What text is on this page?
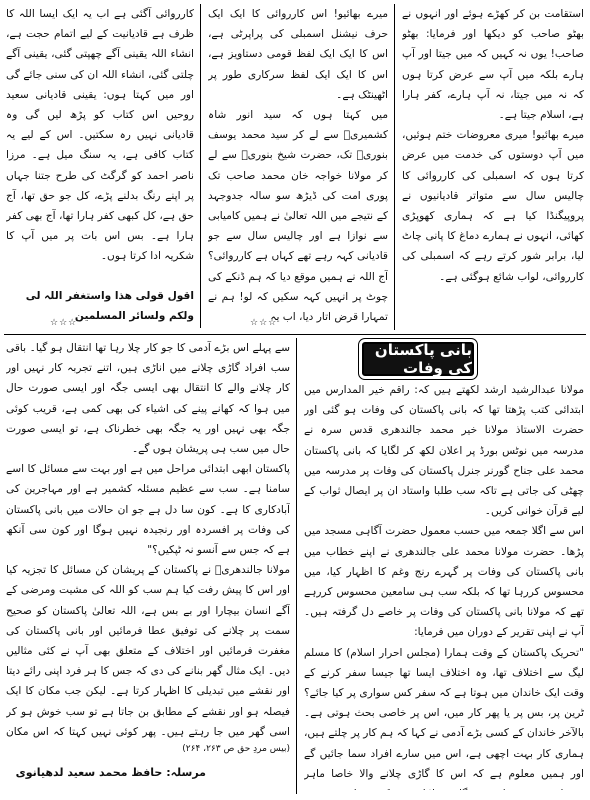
استقامت بن کر کھڑے ہوئے اور انہوں نے بھٹو صاحب کو دیکھا اور فرمایا: بھٹو صاحب! یوں نہ کہیں کہ میں جیتا اور آپ ہارے بلکہ میں آپ سے عرض کرتا ہوں کہ نہ میں جیتا، نہ آپ ہارے، کفر ہارا ہے، اسلام جیتا ہے۔

میرے بھائیو! میری معروضات ختم ہوئیں، میں آپ دوستوں کی خدمت میں عرض کرتا ہوں کہ اسمبلی کی کارروائی کا چالیس سال سے متواتر قادیانیوں نے پروپیگنڈا کیا ہے کہ ہماری کھوپڑی کھائی، انہوں نے ہمارے دماغ کا پانی چاٹ لیا، برابر شور کرتے رہے کہ اسمبلی کی کارروائی، لواب شائع ہوگئی ہے۔

میرے بھائیو! اس کارروائی کا ایک ایک حرف نیشنل اسمبلی کی پراپرٹی ہے، اس کا ایک ایک لفظ قومی دستاویز ہے، اس کا ایک ایک لفظ سرکاری طور پر اٹھینٹک ہے۔

میں کہتا ہوں کہ سید انور شاہ کشمیریؒ سے لے کر سید محمد یوسف بنوریؒ تک، حضرت شیخ بنوریؒ سے لے کر مولانا خواجہ خان محمد صاحب تک پوری امت کی ڈیڑھ سو سالہ جدوجہد کے نتیجے میں اللہ تعالیٰ نے ہمیں کامیابی سے نوازا ہے اور چالیس سال سے جو قادیانی کہہ رہے تھے کہاں ہے کارروائی؟ آج اللہ نے ہمیں موقع دیا کہ ہم ڈنکے کی چوٹ پر انہیں کہہ سکیں کہ لو! ہم نے تمہارا قرض اتار دیا، اب یہ

کارروائی آگئی ہے اب یہ ایک ایسا اللہ کا ظرف ہے قادیانیت کے لیے اتمام حجت ہے، انشاء اللہ یقینی آگے چھپتی گئی، یقینی آگے چلتی گئی، انشاء اللہ ان کی سنی جائے گی اور میں کہتا ہوں: یقینی قادیانی سعید روحیں اس کتاب کو پڑھ لیں گی وہ قادیانی نہیں رہ سکتیں۔ اس کے لیے یہ کتاب کافی ہے، یہ سنگ میل ہے۔ مرزا ناصر احمد کو گرگٹ کی طرح جتنا جہاں پر اپنے رنگ بدلنے پڑے، کل جو حق تھا، آج حق ہے، کل کبھی کفر ہارا تھا، آج بھی کفر ہارا ہے۔ بس اس بات پر میں آپ کا شکریہ ادا کرتا ہوں۔

اقول قولی ھذا واستغفر اللہ لی

ولکم ولسائر المسلمین

☆☆☆	☆☆☆
بانی پاکستان کی وفات

مولانا عبدالرشید ارشد لکھتے ہیں کہ: راقم خیر المدارس میں ابتدائی کتب پڑھتا تھا کہ بانی پاکستان کی وفات ہو گئی اور حضرت الاستاذ مولانا خیر محمد جالندھری قدس سرہ نے مدرسہ میں نوٹس بورڈ پر اعلان لکھ کر لگایا کہ بانی پاکستان محمد علی جناح گورنر جنرل پاکستان کی وفات پر مدرسہ میں چھٹی کی جاتی ہے تاکہ سب طلبا واستاد ان پر ایصال ثواب کے لیے قرآن خوانی کریں۔

اس سے اگلا جمعہ میں حسب معمول حضرت آگاہی مسجد میں پڑھا۔ حضرت مولانا محمد علی جالندھری نے اپنے خطاب میں بانی پاکستان کی وفات پر گہرے رنج وغم کا اظہار کیا، میں محسوس کررہا تھا کہ بلکہ سب ہی سامعین محسوس کررہے تھے کہ مولانا بانی پاکستان کی وفات پر خاصے دل گرفتہ ہیں۔ آپ نے اپنی تقریر کے دوران میں فرمایا:

"تحریک پاکستان کے وقت ہمارا (مجلس احرار اسلام) کا مسلم لیگ سے اختلاف تھا، وہ اختلاف ایسا تھا جیسا سفر کرنے کے وقت ایک خاندان میں ہوتا ہے کہ سفر کس سواری پر کیا جائے؟ ٹرین پر، بس پر یا پھر کار میں، اس پر خاصی بحث ہوتی ہے۔ بالآخر خاندان کے کسی بڑے آدمی نے کہا کہ ہم کار پر چلتے ہیں، ہماری کار بہت اچھی ہے، اس میں سارے افراد سما جائیں گے اور ہمیں معلوم ہے کہ اس کا گاڑی چلانے والا خاصا ماہر

سے پہلے اس بڑے آدمی کا جو کار چلا رہا تھا انتقال ہو گیا۔ باقی سب افراد گاڑی چلانے میں اناڑی ہیں، اتنے تجربہ کار نہیں اور کار چلانے والے کا انتقال بھی ایسی جگہ اور ایسی صورت حال میں ہوا کہ کھانے پینے کی اشیاء کی بھی کمی ہے، قریب کوئی جگہ بھی نہیں اور یہ جگہ بھی خطرناک ہے، تو ایسی صورت حال میں سب ہی پریشان ہوں گے۔

پاکستان ابھی ابتدائی مراحل میں ہے اور بہت سے مسائل کا اسے سامنا ہے۔ سب سے عظیم مسئلہ کشمیر ہے اور مہاجرین کی آبادکاری کا ہے۔ کون سا دل ہے جو ان حالات میں بانی پاکستان کی وفات پر افسردہ اور رنجیدہ نہیں ہوگا اور کون سی آنکھ ہے کہ جس سے آنسو نہ ٹپکیں؟"

مولانا جالندھریؒ نے پاکستان کے پریشان کن مسائل کا تجزیہ کیا اور اس کا پیش رفت کیا ہم سب کو اللہ کی مشیت ومرضی کے آگے انسان بیچارا اور بے بس ہے، اللہ تعالیٰ پاکستان کو صحیح سمت پر چلانے کی توفیق عطا فرمائیں اور بانی پاکستان کی مغفرت فرمائیں اور اختلاف کے متعلق بھی آپ نے کئی مثالیں دیں۔ ایک مثال گھر بنانے کی دی کہ جس کا ہر فرد اپنی رائے دیتا اور نقشے میں تبدیلی کا اظہار کرتا ہے۔ لیکن جب مکان کا ایک فیصلہ ہو اور نقشے کے مطابق بن جاتا ہے تو سب خوش ہو کر اسی گھر میں جا رہتے ہیں۔ پھر کوئی نہیں کہتا کہ اس مکان

(بیس مردِ حق ص ۲۶۳، ۲۶۴)
مرسلہ: حافظ محمد سعید لدھیانوی
